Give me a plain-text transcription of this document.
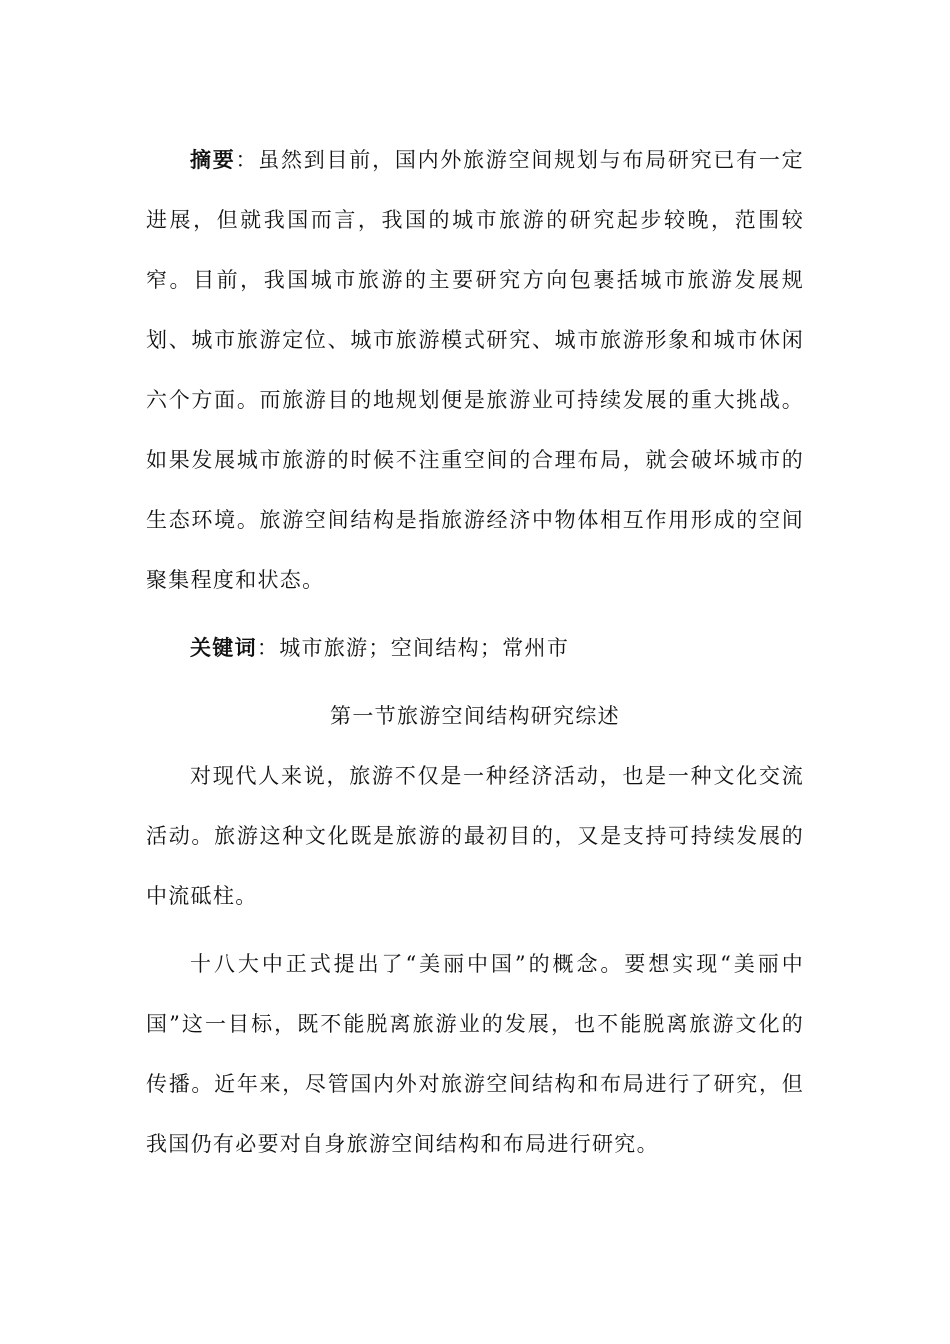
摘要：虽然到目前，国内外旅游空间规划与布局研究已有一定进展，但就我国而言，我国的城市旅游的研究起步较晚，范围较窄。目前，我国城市旅游的主要研究方向包裹括城市旅游发展规划、城市旅游定位、城市旅游模式研究、城市旅游形象和城市休闲六个方面。而旅游目的地规划便是旅游业可持续发展的重大挑战。如果发展城市旅游的时候不注重空间的合理布局，就会破坏城市的生态环境。旅游空间结构是指旅游经济中物体相互作用形成的空间聚集程度和状态。

关键词：城市旅游；空间结构；常州市

第一节旅游空间结构研究综述

对现代人来说，旅游不仅是一种经济活动，也是一种文化交流活动。旅游这种文化既是旅游的最初目的，又是支持可持续发展的中流砥柱。

十八大中正式提出了“美丽中国”的概念。要想实现“美丽中国”这一目标，既不能脱离旅游业的发展，也不能脱离旅游文化的传播。近年来，尽管国内外对旅游空间结构和布局进行了研究，但我国仍有必要对自身旅游空间结构和布局进行研究。
